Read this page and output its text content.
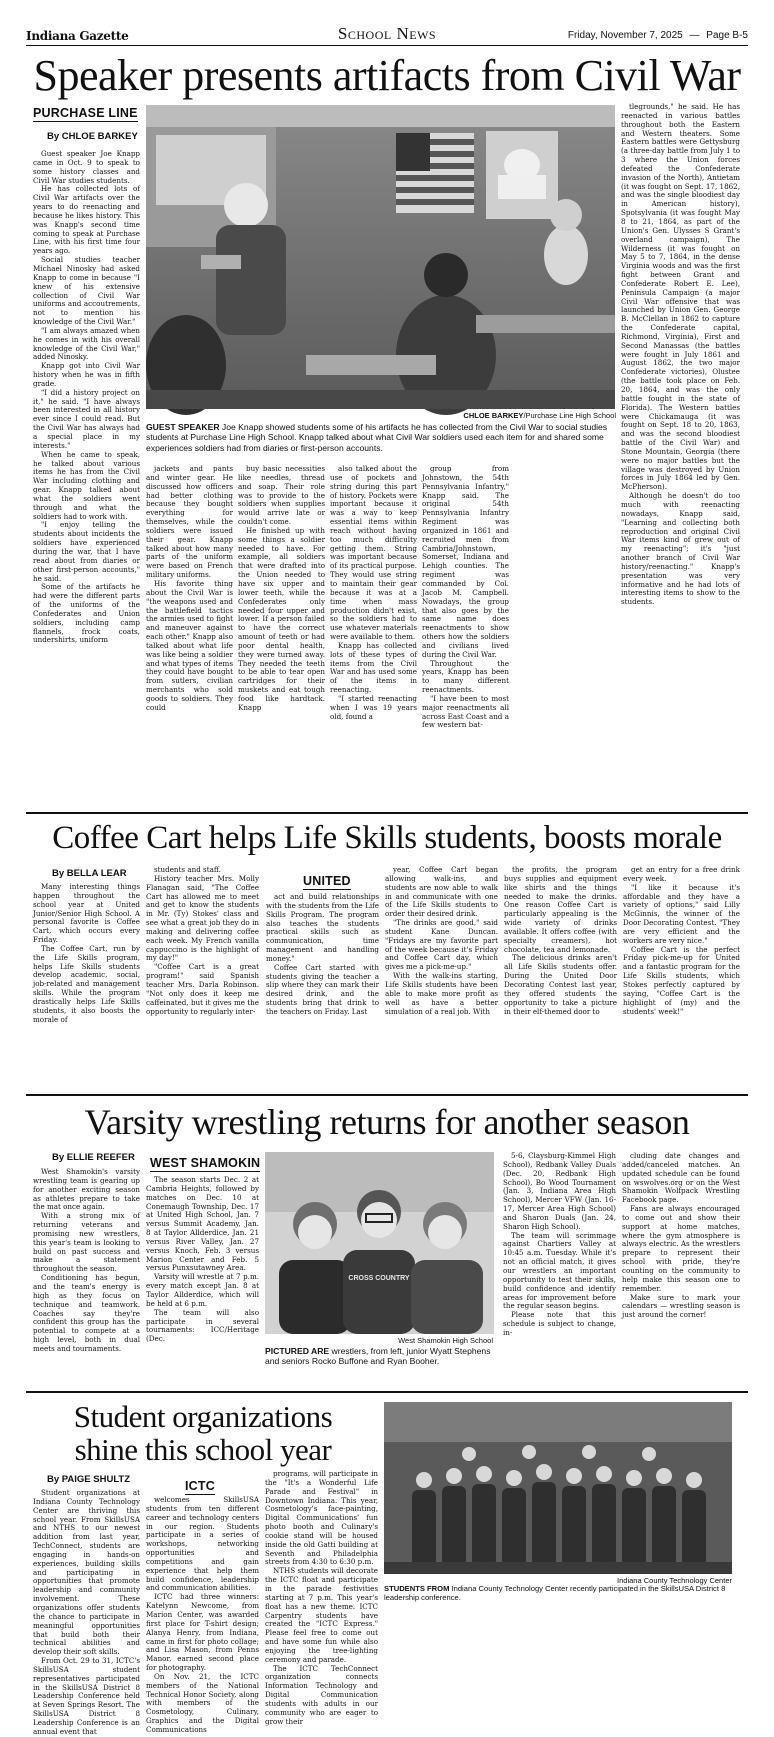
Indiana Gazette	School News	Friday, November 7, 2025 — Page B-5
Speaker presents artifacts from Civil War
PURCHASE LINE
By CHLOE BARKEY
CHLOE BARKEY/Purchase Line High School
GUEST SPEAKER Joe Knapp showed students some of his artifacts he has collected from the Civil War to social studies students at Purchase Line High School. Knapp talked about what Civil War soldiers used each item for and shared some experiences soldiers had from diaries or first-person accounts.

Guest speaker Joe Knapp came in Oct. 9 to speak to some history classes and Civil War studies students.

He has collected lots of Civil War artifacts over the years to do reenacting and because he likes history. This was Knapp's second time coming to speak at Purchase Line, with his first time four years ago.

Social studies teacher Michael Ninosky had asked Knapp to come in because "I knew of his extensive collection of Civil War uniforms and accoutrements, not to mention his knowledge of the Civil War."

"I am always amazed when he comes in with his overall knowledge of the Civil War," added Ninosky.

Knapp got into Civil War history when he was in fifth grade.

"I did a history project on it," he said. "I have always been interested in all history ever since I could read. But the Civil War has always had a special place in my interests."

When he came to speak, he talked about various items he has from the Civil War including clothing and gear. Knapp talked about what the soldiers went through and what the soldiers had to work with.

"I enjoy telling the students about incidents the soldiers have experienced during the war, that I have read about from diaries or other first-person accounts," he said.

Some of the artifacts he had were the different parts of the uniforms of the Confederates and Union soldiers, including camp flannels, frock coats, undershirts, uniform

jackets and pants and winter gear. He discussed how officers had better clothing because they bought everything for themselves, while the soldiers were issued their gear. Knapp talked about how many parts of the uniform were based on French military uniforms.

His favorite thing about the Civil War is "the weapons used and the battlefield tactics the armies used to fight and maneuver against each other." Knapp also talked about what life was like being a soldier and what types of items they could have bought from sutlers, civilian merchants who sold goods to soldiers. They could

buy basic necessities like needles, thread and soap. Their role was to provide to the soldiers when supplies would arrive late or couldn't come.

He finished up with some things a soldier needed to have. For example, all soldiers that were drafted into the Union needed to have six upper and lower teeth, while the Confederates only needed four upper and lower. If a person failed to have the correct amount of teeth or had poor dental health, they were turned away. They needed the teeth to be able to tear open cartridges for their muskets and eat tough food like hardtack. Knapp

also talked about the use of pockets and string during this part of history. Pockets were important because it was a way to keep essential items within reach without having too much difficulty getting them. String was important because of its practical purpose. They would use string to maintain their gear because it was at a time when mass production didn't exist, so the soldiers had to use whatever materials were available to them.

Knapp has collected lots of these types of items from the Civil War and has used some of the items in reenacting.

"I started reenacting when I was 19 years old, found a

group from Johnstown, the 54th Pennsylvania Infantry," Knapp said. The original 54th Pennsylvania Infantry Regiment was organized in 1861 and recruited men from Cambria/Johnstown, Somerset, Indiana and Lehigh counties. The regiment was commanded by Col. Jacob M. Campbell. Nowadays, the group that also goes by the same name does reenactments to show others how the soldiers and civilians lived during the Civil War.

Throughout the years, Knapp has been to many different reenactments.

"I have been to most major reenactments all across East Coast and a few western bat-

tlegrounds," he said. He has reenacted in various battles throughout both the Eastern and Western theaters. Some Eastern battles were Gettysburg (a three-day battle from July 1 to 3 where the Union forces defeated the Confederate invasion of the North), Antietam (it was fought on Sept. 17, 1862, and was the single bloodiest day in American history), Spotsylvania (it was fought May 8 to 21, 1864, as part of the Union's Gen. Ulysses S Grant's overland campaign), The Wilderness (it was fought on May 5 to 7, 1864, in the dense Virginia woods and was the first fight between Grant and Confederate Robert E. Lee), Peninsula Campaign (a major Civil War offensive that was launched by Union Gen. George B. McClellan in 1862 to capture the Confederate capital, Richmond, Virginia), First and Second Manassas (the battles were fought in July 1861 and August 1862, the two major Confederate victories), Olustee (the battle took place on Feb. 20, 1864, and was the only battle fought in the state of Florida). The Western battles were Chickamauga (it was fought on Sept. 18 to 20, 1863, and was the second bloodiest battle of the Civil War) and Stone Mountain, Georgia (there were no major battles but the village was destroyed by Union forces in July 1864 led by Gen. McPherson).

Although he doesn't do too much with reenacting nowadays, Knapp said, "Learning and collecting both reproduction and original Civil War items kind of grew out of my reenacting"; it's "just another branch of Civil War history/reenacting." Knapp's presentation was very informative and he had lots of interesting items to show to the students.

Coffee Cart helps Life Skills students, boosts morale
By BELLA LEAR
UNITED

Many interesting things happen throughout the school year at United Junior/Senior High School. A personal favorite is Coffee Cart, which occurs every Friday.

The Coffee Cart, run by the Life Skills program, helps Life Skills students develop academic, social, job-related and management skills. While the program drastically helps Life Skills students, it also boosts the morale of

students and staff.

History teacher Mrs. Molly Flanagan said, "The Coffee Cart has allowed me to meet and get to know the students in Mr. (Ty) Stokes' class and see what a great job they do in making and delivering coffee each week. My French vanilla cappuccino is the highlight of my day!"

"Coffee Cart is a great program!" said Spanish teacher Mrs. Darla Robinson. "Not only does it keep me caffeinated, but it gives me the opportunity to regularly inter-

act and build relationships with the students from the Life Skills Program. The program also teaches the students practical skills such as communication, time management and handling money."

Coffee Cart started with students giving the teacher a slip where they can mark their desired drink, and the students bring that drink to the teachers on Friday. Last

year, Coffee Cart began allowing walk-ins, and students are now able to walk in and communicate with one of the Life Skills students to order their desired drink.

"The drinks are good," said student Kane Duncan. "Fridays are my favorite part of the week because it's Friday and Coffee Cart day, which gives me a pick-me-up."

With the walk-ins starting, Life Skills students have been able to make more profit as well as have a better simulation of a real job. With

the profits, the program buys supplies and equipment like shirts and the things needed to make the drinks. One reason Coffee Cart is particularly appealing is the wide variety of drinks available. It offers coffee (with specialty creamers), hot chocolate, tea and lemonade.

The delicious drinks aren't all Life Skills students offer. During the United Door Decorating Contest last year, they offered students the opportunity to take a picture in their elf-themed door to

get an entry for a free drink every week.

"I like it because it's affordable and they have a variety of options," said Lilly McGinnis, the winner of the Door Decorating Contest. "They are very efficient and the workers are very nice."

Coffee Cart is the perfect Friday pick-me-up for United and a fantastic program for the Life Skills students, which Stokes perfectly captured by saying, "Coffee Cart is the highlight of (my) and the students' week!"

Varsity wrestling returns for another season
By ELLIE REEFER WEST SHAMOKIN
CROSS COUNTRY
West Shamokin High School
PICTURED ARE wrestlers, from left, junior Wyatt Stephens and seniors Rocko Buffone and Ryan Booher.

West Shamokin's varsity wrestling team is gearing up for another exciting season as athletes prepare to take the mat once again.

With a strong mix of returning veterans and promising new wrestlers, this year's team is looking to build on past success and make a statement throughout the season.

Conditioning has begun, and the team's energy is high as they focus on technique and teamwork. Coaches say they're confident this group has the potential to compete at a high level, both in dual meets and tournaments.

The season starts Dec. 2 at Cambria Heights, followed by matches on Dec. 10 at Conemaugh Township, Dec. 17 at United High School, Jan. 7 versus Summit Academy, Jan. 8 at Taylor Allderdice, Jan. 21 versus River Valley, Jan. 27 versus Knoch, Feb. 3 versus Marion Center and Feb. 5 versus Punxsutawney Area.

Varsity will wrestle at 7 p.m. every match except Jan. 8 at Taylor Allderdice, which will be held at 6 p.m.

The team will also participate in several tournaments: ICC/Heritage (Dec.

5-6, Claysburg-Kimmel High School), Redbank Valley Duals (Dec. 20, Redbank High School), Bo Wood Tournament (Jan. 3, Indiana Area High School), Mercer VFW (Jan. 16-17, Mercer Area High School) and Sharon Duals (Jan. 24, Sharon High School).

The team will scrimmage against Chartiers Valley at 10:45 a.m. Tuesday. While it's not an official match, it gives our wrestlers an important opportunity to test their skills, build confidence and identify areas for improvement before the regular season begins.

Please note that this schedule is subject to change, in-

cluding date changes and added/canceled matches. An updated schedule can be found on wswolves.org or on the West Shamokin Wolfpack Wrestling Facebook page.

Fans are always encouraged to come out and show their support at home matches, where the gym atmosphere is always electric. As the wrestlers prepare to represent their school with pride, they're counting on the community to help make this season one to remember.

Make sure to mark your calendars — wrestling season is just around the corner!

Student organizations
shine this school year
By PAIGE SHULTZ	ICTC
Indiana County Technology Center
STUDENTS FROM Indiana County Technology Center recently participated in the SkillsUSA District 8 leadership conference.

Student organizations at Indiana County Technology Center are thriving this school year. From SkillsUSA and NTHS to our newest addition from last year, TechConnect, students are engaging in hands-on experiences, building skills and participating in opportunities that promote leadership and community involvement. These organizations offer students the chance to participate in meaningful opportunities that build both their technical abilities and develop their soft skills.

From Oct. 29 to 31, ICTC's SkillsUSA student representatives participated in the SkillsUSA District 8 Leadership Conference held at Seven Springs Resort. The SkillsUSA District 8 Leadership Conference is an annual event that

welcomes SkillsUSA students from ten different career and technology centers in our region. Students participate in a series of workshops, networking opportunities and competitions and gain experience that help them build confidence, leadership and communication abilities.

ICTC had three winners: Katelynn Newcome, from Marion Center, was awarded first place for T-shirt design; Alanya Henry, from Indiana, came in first for photo collage; and Lisa Mason, from Penns Manor, earned second place for photography.

On Nov. 21, the ICTC members of the National Technical Honor Society, along with members of the Cosmetology, Culinary, Graphics and the Digital Communications

programs, will participate in the "It's a Wonderful Life Parade and Festival" in Downtown Indiana. This year, Cosmetology's face-painting, Digital Communications' fun photo booth and Culinary's cookie stand will be housed inside the old Gatti building at Seventh and Philadelphia streets from 4:30 to 6:30 p.m.

NTHS students will decorate the ICTC float and participate in the parade festivities starting at 7 p.m. This year's float has a new theme. ICTC Carpentry students have created the "ICTC Express." Please feel free to come out and have some fun while also enjoying the tree-lighting ceremony and parade.

The ICTC TechConnect organization connects Information Technology and Digital Communication students with adults in our community who are eager to grow their
